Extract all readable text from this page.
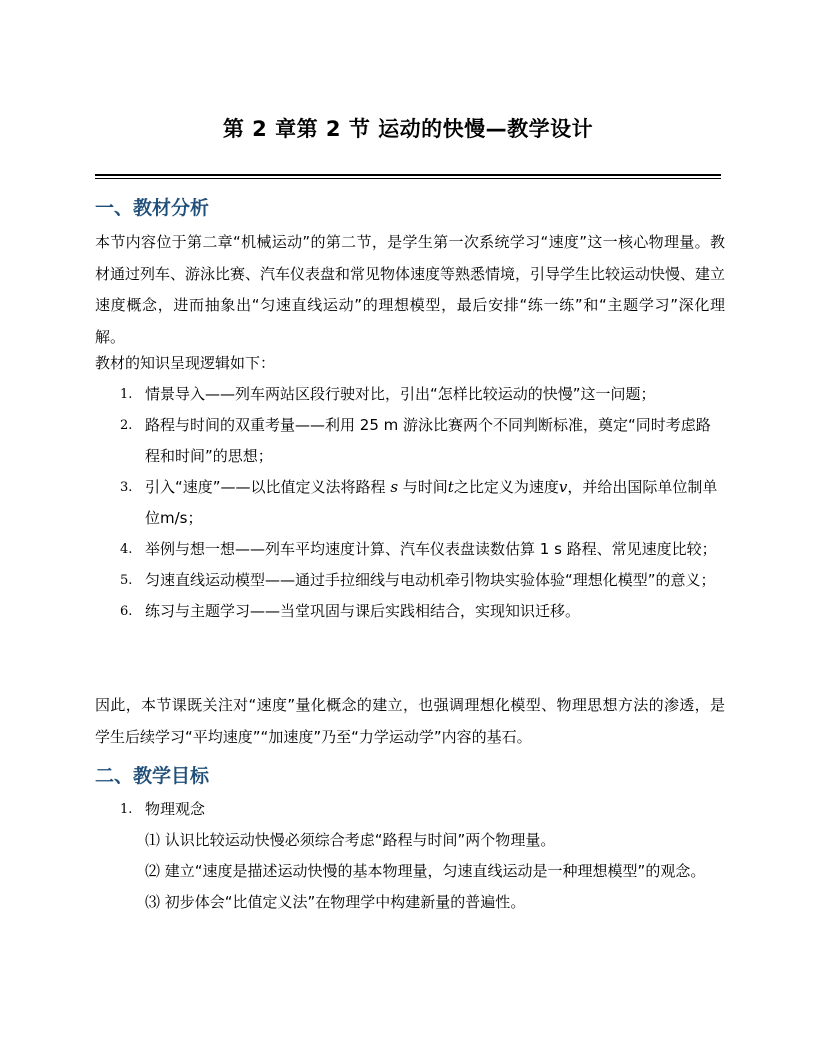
第 2 章第 2 节 运动的快慢—教学设计
一、教材分析
本节内容位于第二章“机械运动”的第二节，是学生第一次系统学习“速度”这一核心物理量。教材通过列车、游泳比赛、汽车仪表盘和常见物体速度等熟悉情境，引导学生比较运动快慢、建立速度概念，进而抽象出“匀速直线运动”的理想模型，最后安排“练一练”和“主题学习”深化理解。
教材的知识呈现逻辑如下：
1. 情景导入——列车两站区段行驶对比，引出“怎样比较运动的快慢”这一问题；
2. 路程与时间的双重考量——利用 25 m 游泳比赛两个不同判断标准，奠定“同时考虑路程和时间”的思想；
3. 引入“速度”——以比值定义法将路程 s 与时间t之比定义为速度v，并给出国际单位制单位m/s；
4. 举例与想一想——列车平均速度计算、汽车仪表盘读数估算 1 s 路程、常见速度比较；
5. 匀速直线运动模型——通过手拉细线与电动机牵引物块实验体验“理想化模型”的意义；
6. 练习与主题学习——当堂巩固与课后实践相结合，实现知识迁移。
因此，本节课既关注对“速度”量化概念的建立，也强调理想化模型、物理思想方法的渗透，是学生后续学习“平均速度”“加速度”乃至“力学运动学”内容的基石。
二、教学目标
1. 物理观念
⑴ 认识比较运动快慢必须综合考虑“路程与时间”两个物理量。
⑵ 建立“速度是描述运动快慢的基本物理量，匀速直线运动是一种理想模型”的观念。
⑶ 初步体会“比值定义法”在物理学中构建新量的普遍性。
